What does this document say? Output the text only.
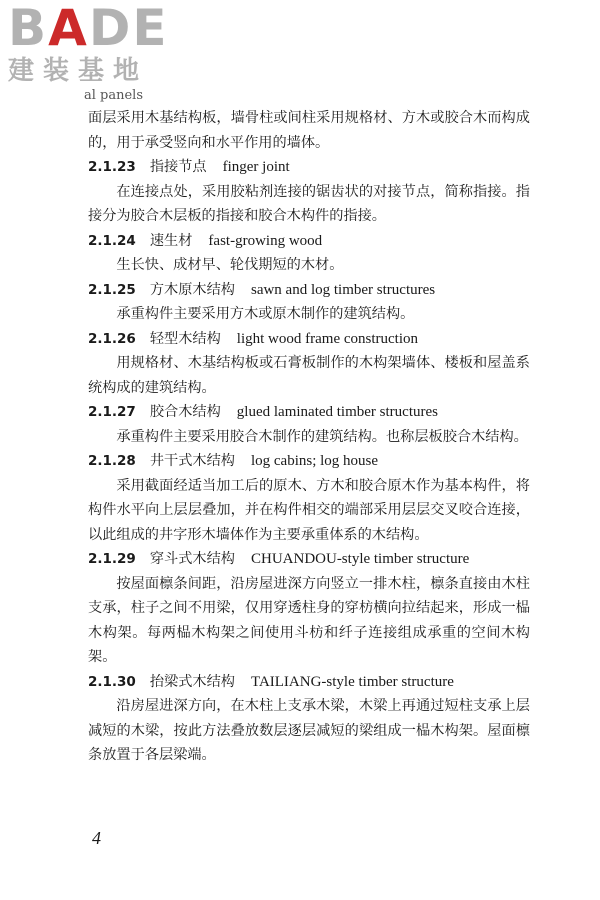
BADE
建装基地
al panels

面层采用木基结构板，墙骨柱或间柱采用规格材、方木或胶合木而构成的，用于承受竖向和水平作用的墙体。

2.1.23 指接节点 finger joint

在连接点处，采用胶粘剂连接的锯齿状的对接节点，简称指接。指接分为胶合木层板的指接和胶合木构件的指接。

2.1.24 速生材 fast-growing wood

生长快、成材早、轮伐期短的木材。

2.1.25 方木原木结构 sawn and log timber structures

承重构件主要采用方木或原木制作的建筑结构。

2.1.26 轻型木结构 light wood frame construction

用规格材、木基结构板或石膏板制作的木构架墙体、楼板和屋盖系统构成的建筑结构。

2.1.27 胶合木结构 glued laminated timber structures

承重构件主要采用胶合木制作的建筑结构。也称层板胶合木结构。

2.1.28 井干式木结构 log cabins; log house

采用截面经适当加工后的原木、方木和胶合原木作为基本构件，将构件水平向上层层叠加，并在构件相交的端部采用层层交叉咬合连接，以此组成的井字形木墙体作为主要承重体系的木结构。

2.1.29 穿斗式木结构 CHUANDOU-style timber structure

按屋面檩条间距，沿房屋进深方向竖立一排木柱，檩条直接由木柱支承，柱子之间不用梁，仅用穿透柱身的穿枋横向拉结起来，形成一榀木构架。每两榀木构架之间使用斗枋和纤子连接组成承重的空间木构架。

2.1.30 抬梁式木结构 TAILIANG-style timber structure

沿房屋进深方向，在木柱上支承木梁，木梁上再通过短柱支承上层减短的木梁，按此方法叠放数层逐层减短的梁组成一榀木构架。屋面檩条放置于各层梁端。

4
